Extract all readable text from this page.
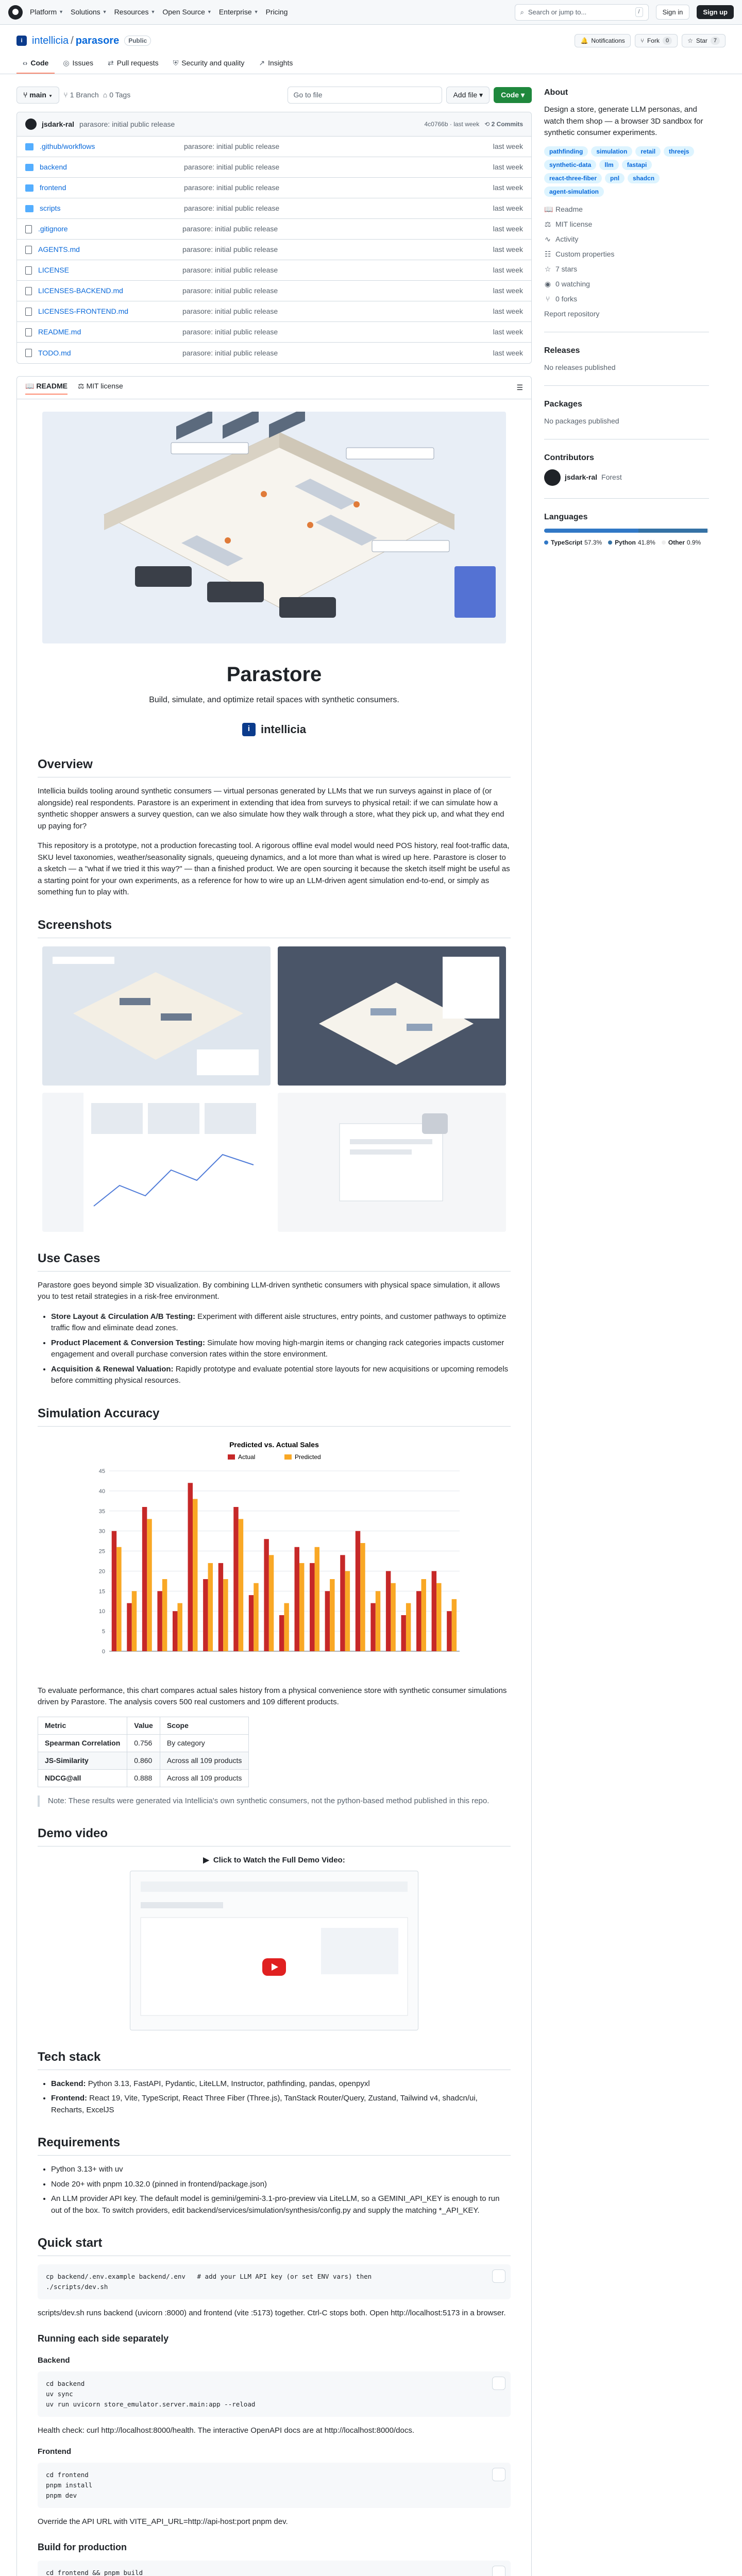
Platform ▼ Solutions ▼ Resources ▼ Open Source ▼ Enterprise ▼ Pricing	⌕ Search or jump to...	/	Sign in	Sign up
i intellicia / parasore	Public	🔔 Notifications	⑂ Fork	0	☆ Star	7
‹› Code ◎ Issues ⇄ Pull requests ⛨ Security and quality ↗ Insights
⑂ main ▾	⑂ 1 Branch ⌂ 0 Tags	Go to file	Add file ▾	Code ▾
jsdark-ral parasore: initial public release	4c0766b · last week ⟲ 2 Commits
.github/workflows	parasore: initial public release	last week
backend	parasore: initial public release	last week
frontend	parasore: initial public release	last week
scripts	parasore: initial public release	last week
.gitignore	parasore: initial public release	last week
AGENTS.md	parasore: initial public release	last week
LICENSE	parasore: initial public release	last week
LICENSES-BACKEND.md	parasore: initial public release	last week
LICENSES-FRONTEND.md	parasore: initial public release	last week
README.md	parasore: initial public release	last week
TODO.md	parasore: initial public release	last week
📖 README ⚖ MIT license	☰
Parastore

Build, simulate, and optimize retail spaces with synthetic consumers.

i intellicia
Overview

Intellicia builds tooling around synthetic consumers — virtual personas generated by LLMs that we run surveys against in place of (or alongside) real respondents. Parastore is an experiment in extending that idea from surveys to physical retail: if we can simulate how a synthetic shopper answers a survey question, can we also simulate how they walk through a store, what they pick up, and what they end up paying for?

This repository is a prototype, not a production forecasting tool. A rigorous offline eval model would need POS history, real foot-traffic data, SKU level taxonomies, weather/seasonality signals, queueing dynamics, and a lot more than what is wired up here. Parastore is closer to a sketch — a "what if we tried it this way?" — than a finished product. We are open sourcing it because the sketch itself might be useful as a starting point for your own experiments, as a reference for how to wire up an LLM-driven agent simulation end-to-end, or simply as something fun to play with.

Screenshots
Use Cases

Parastore goes beyond simple 3D visualization. By combining LLM-driven synthetic consumers with physical space simulation, it allows you to test retail strategies in a risk-free environment.

• Store Layout & Circulation A/B Testing: Experiment with different aisle structures, entry points, and customer pathways to optimize traffic flow and eliminate dead zones.
• Product Placement & Conversion Testing: Simulate how moving high-margin items or changing rack categories impacts customer engagement and overall purchase conversion rates within the store environment.
• Acquisition & Renewal Valuation: Rapidly prototype and evaluate potential store layouts for new acquisitions or upcoming remodels before committing physical resources.
Simulation Accuracy
Predicted vs. Actual Sales
Actual	Predicted
0
5
10
15
20
25
30
35
40
45

To evaluate performance, this chart compares actual sales history from a physical convenience store with synthetic consumer simulations driven by Parastore. The analysis covers 500 real customers and 109 different products.

Metric	Value	Scope
Spearman Correlation	0.756	By category
JS-Similarity	0.860	Across all 109 products
NDCG@all	0.888	Across all 109 products
Note: These results were generated via Intellicia's own synthetic consumers, not the python-based method published in this repo.
Demo video
▶ Click to Watch the Full Demo Video:
Tech stack
• Backend: Python 3.13, FastAPI, Pydantic, LiteLLM, Instructor, pathfinding, pandas, openpyxl
• Frontend: React 19, Vite, TypeScript, React Three Fiber (Three.js), TanStack Router/Query, Zustand, Tailwind v4, shadcn/ui, Recharts, ExcelJS
Requirements
• Python 3.13+ with uv
• Node 20+ with pnpm 10.32.0 (pinned in frontend/package.json)
• An LLM provider API key. The default model is gemini/gemini-3.1-pro-preview via LiteLLM, so a GEMINI_API_KEY is enough to run out of the box. To switch providers, edit backend/services/simulation/synthesis/config.py and supply the matching *_API_KEY.
Quick start
cp backend/.env.example backend/.env   # add your LLM API key (or set ENV vars) then
./scripts/dev.sh

scripts/dev.sh runs backend (uvicorn :8000) and frontend (vite :5173) together. Ctrl-C stops both. Open http://localhost:5173 in a browser.

Running each side separately
Backend
cd backend
uv sync
uv run uvicorn store_emulator.server.main:app --reload

Health check: curl http://localhost:8000/health. The interactive OpenAPI docs are at http://localhost:8000/docs.

Frontend
cd frontend
pnpm install
pnpm dev

Override the API URL with VITE_API_URL=http://api-host:port pnpm dev.

Build for production
cd frontend && pnpm build

About

Design a store, generate LLM personas, and watch them shop — a browser 3D sandbox for synthetic consumer experiments.

pathfinding	simulation	retail	threejs
synthetic-data	llm	fastapi
react-three-fiber	pnl	shadcn
agent-simulation
📖 Readme
⚖ MIT license
∿ Activity
☷ Custom properties
☆ 7 stars
◉ 0 watching
⑂ 0 forks
Report repository
Releases
No releases published
Packages
No packages published
Contributors
jsdark-ral Forest
Languages
TypeScript 57.3%	Python 41.8%	Other 0.9%
